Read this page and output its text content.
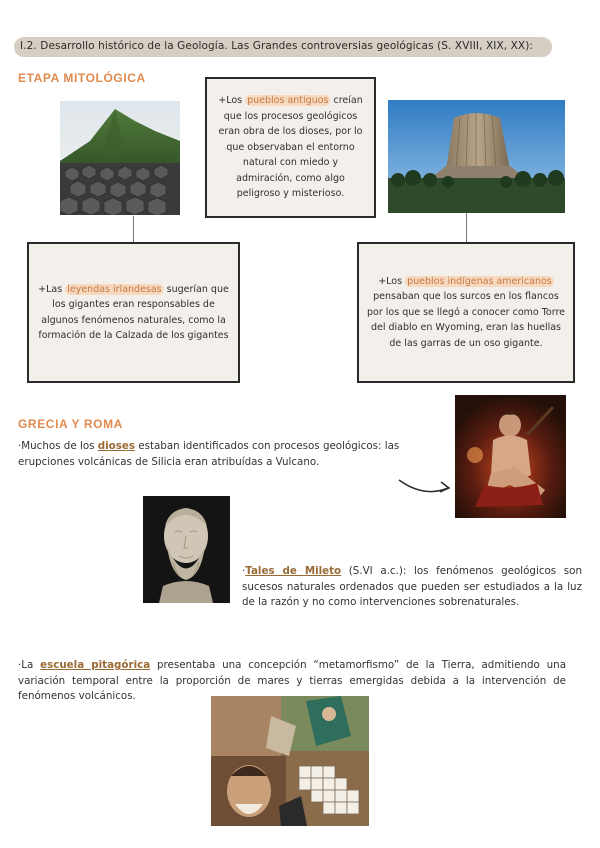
I.2. Desarrollo histórico de la Geología. Las Grandes controversias geológicas (S. XVIII, XIX, XX):
ETAPA MITOLÓGICA
+Los pueblos antiguos creían que los procesos geológicos eran obra de los dioses, por lo que observaban el entorno natural con miedo y admiración, como algo peligroso y misterioso.
+Las leyendas irlandesas sugerían que los gigantes eran responsables de algunos fenómenos naturales, como la formación de la Calzada de los gigantes
+Los pueblos indígenas americanos pensaban que los surcos en los flancos por los que se llegó a conocer como Torre del diablo en Wyoming, eran las huellas de las garras de un oso gigante.
GRECIA Y ROMA
·Muchos de los dioses estaban identificados con procesos geológicos: las erupciones volcánicas de Silicia eran atribuídas a Vulcano.
·Tales de Mileto (S.VI a.c.): los fenómenos geológicos son sucesos naturales ordenados que pueden ser estudiados a la luz de la razón y no como intervenciones sobrenaturales.
·La escuela pitagórica presentaba una concepción “metamorfismo” de la Tierra, admitiendo una variación temporal entre la proporción de mares y tierras emergidas debida a la intervención de fenómenos volcánicos.
